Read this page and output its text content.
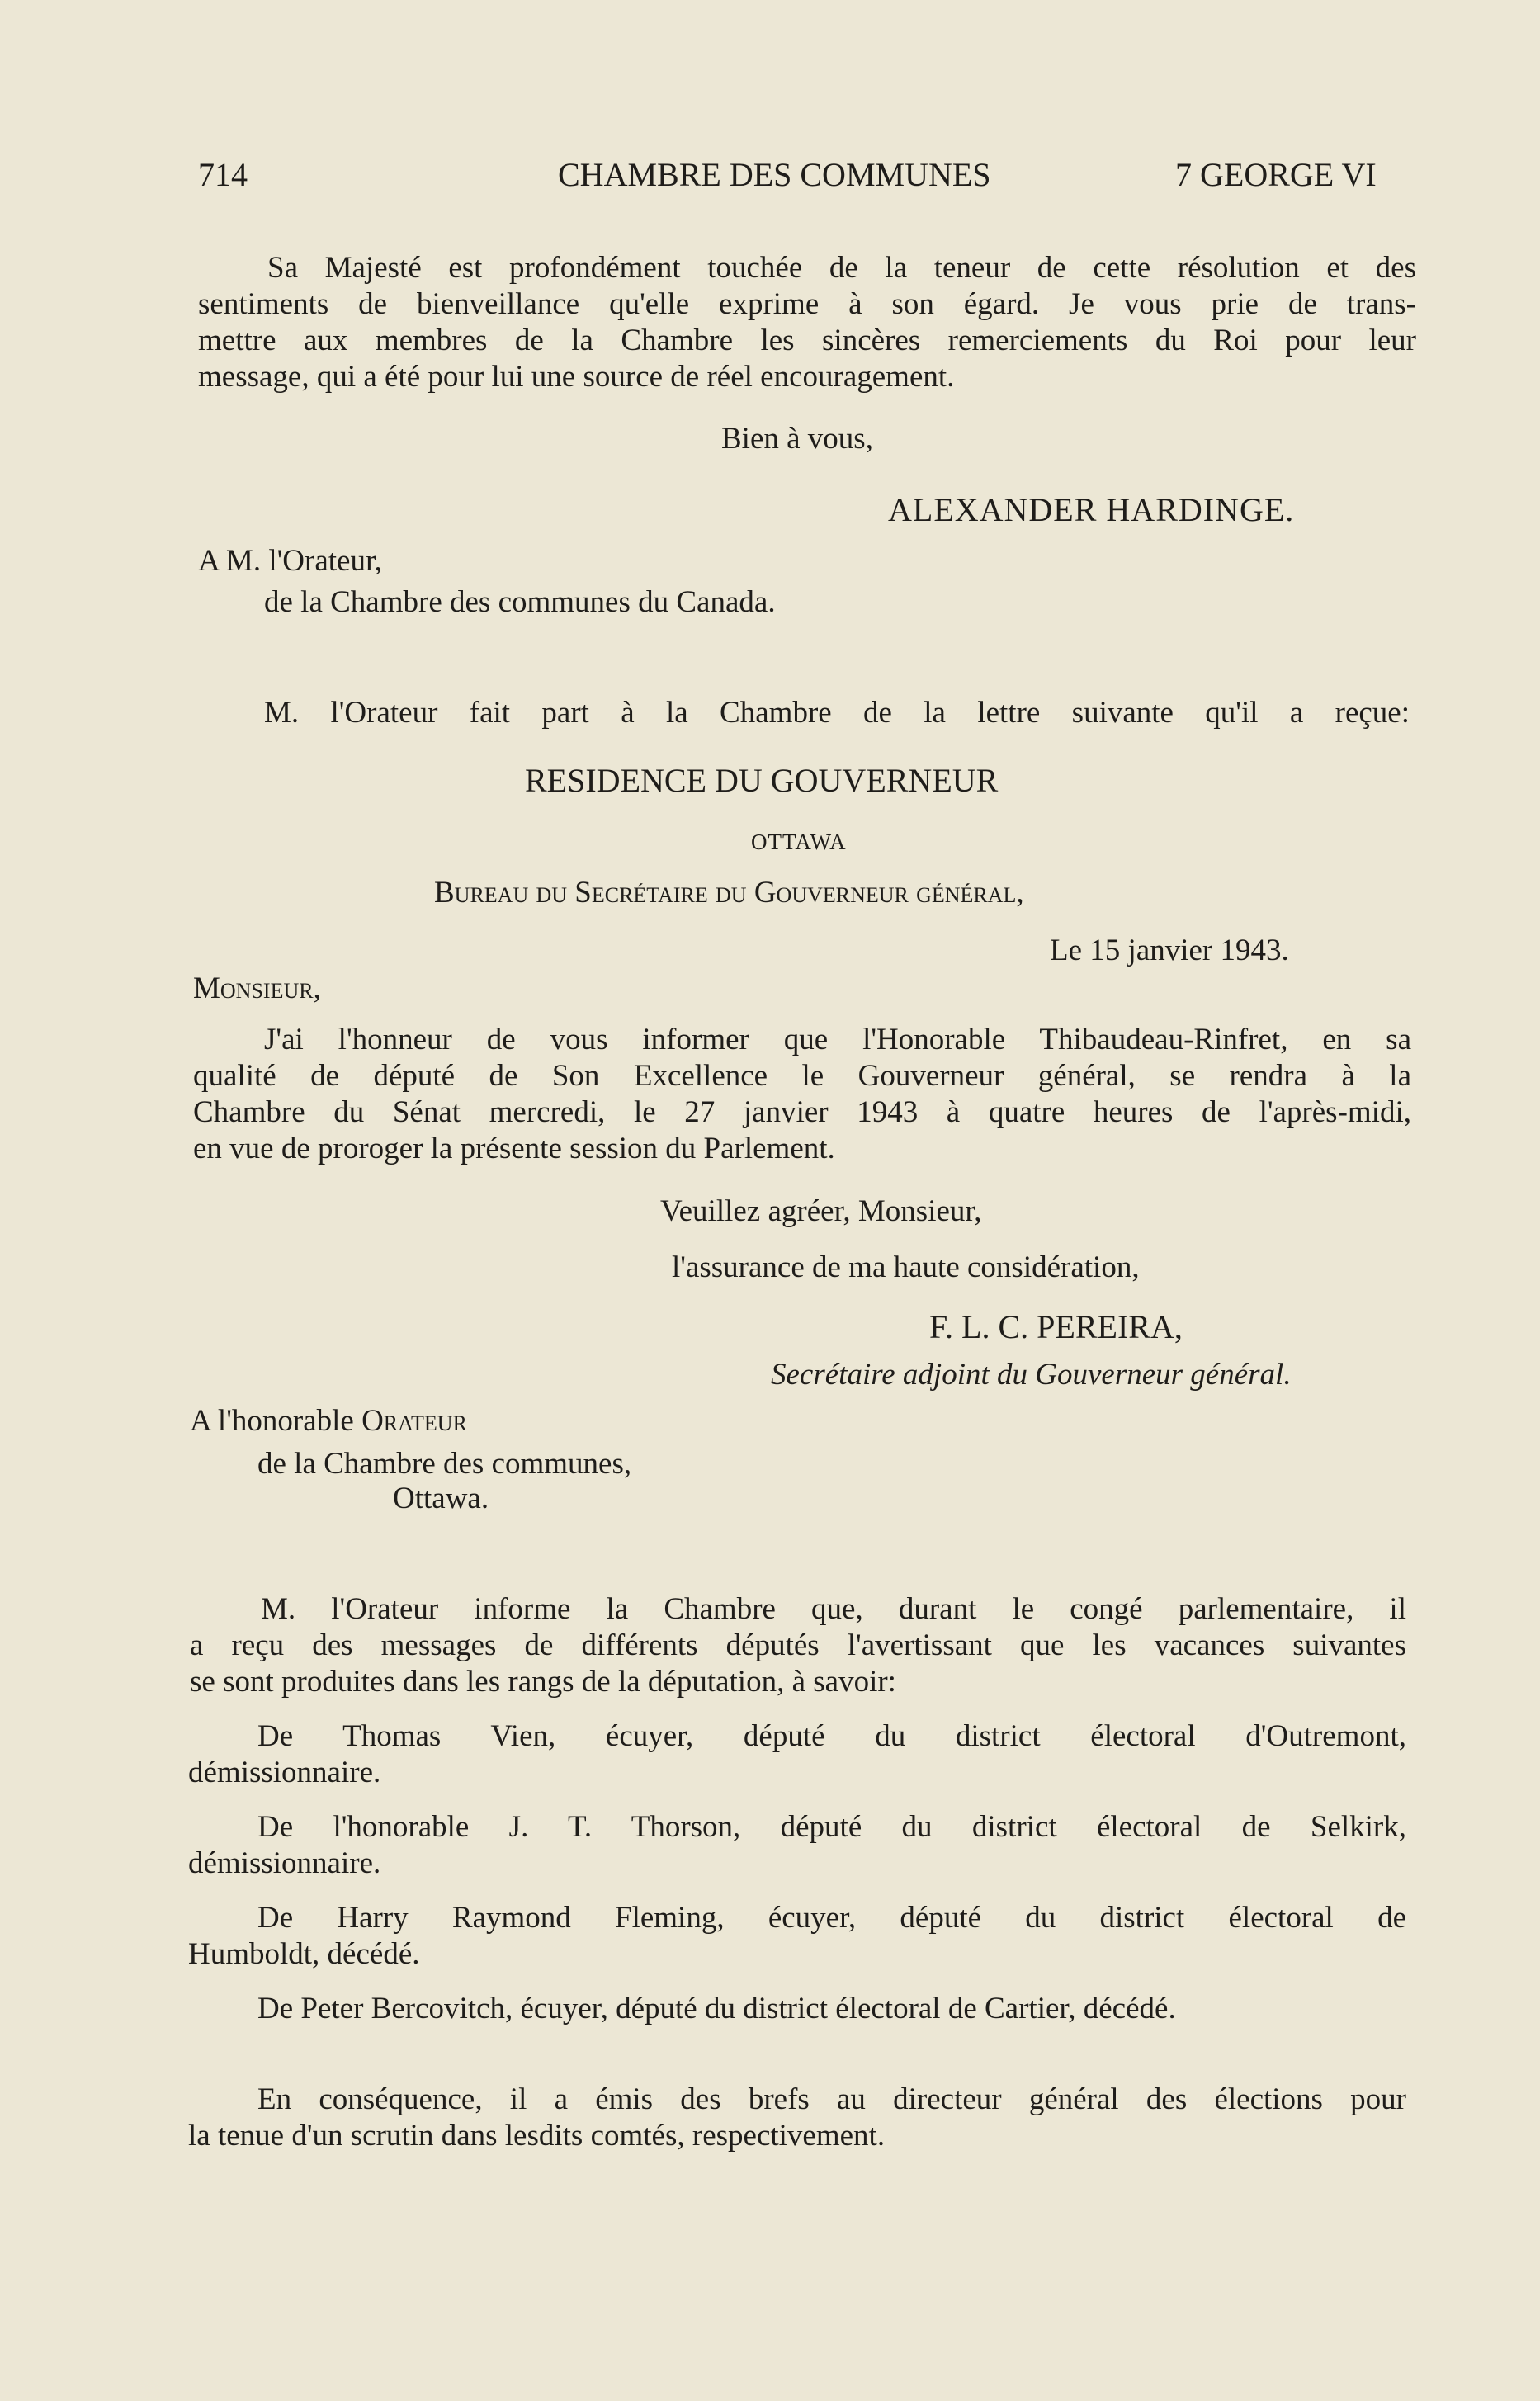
714	CHAMBRE DES COMMUNES	7 GEORGE VI
Sa Majesté est profondément touchée de la teneur de cette résolution et des
sentiments de bienveillance qu'elle exprime à son égard. Je vous prie de trans-
mettre aux membres de la Chambre les sincères remerciements du Roi pour leur
message, qui a été pour lui une source de réel encouragement.
Bien à vous,
ALEXANDER HARDINGE.
A M. l'Orateur,
de la Chambre des communes du Canada.
M. l'Orateur fait part à la Chambre de la lettre suivante qu'il a reçue:
RESIDENCE DU GOUVERNEUR
OTTAWA
Bureau du Secrétaire du Gouverneur général,
Le 15 janvier 1943.
Monsieur,
J'ai l'honneur de vous informer que l'Honorable Thibaudeau-Rinfret, en sa
qualité de député de Son Excellence le Gouverneur général, se rendra à la
Chambre du Sénat mercredi, le 27 janvier 1943 à quatre heures de l'après-midi,
en vue de proroger la présente session du Parlement.
Veuillez agréer, Monsieur,
l'assurance de ma haute considération,
F. L. C. PEREIRA,
Secrétaire adjoint du Gouverneur général.
A l'honorable Orateur
de la Chambre des communes,
Ottawa.
M. l'Orateur informe la Chambre que, durant le congé parlementaire, il
a reçu des messages de différents députés l'avertissant que les vacances suivantes
se sont produites dans les rangs de la députation, à savoir:
De Thomas Vien, écuyer, député du district électoral d'Outremont,
démissionnaire.
De l'honorable J. T. Thorson, député du district électoral de Selkirk,
démissionnaire.
De Harry Raymond Fleming, écuyer, député du district électoral de
Humboldt, décédé.
De Peter Bercovitch, écuyer, député du district électoral de Cartier, décédé.
En conséquence, il a émis des brefs au directeur général des élections pour
la tenue d'un scrutin dans lesdits comtés, respectivement.
